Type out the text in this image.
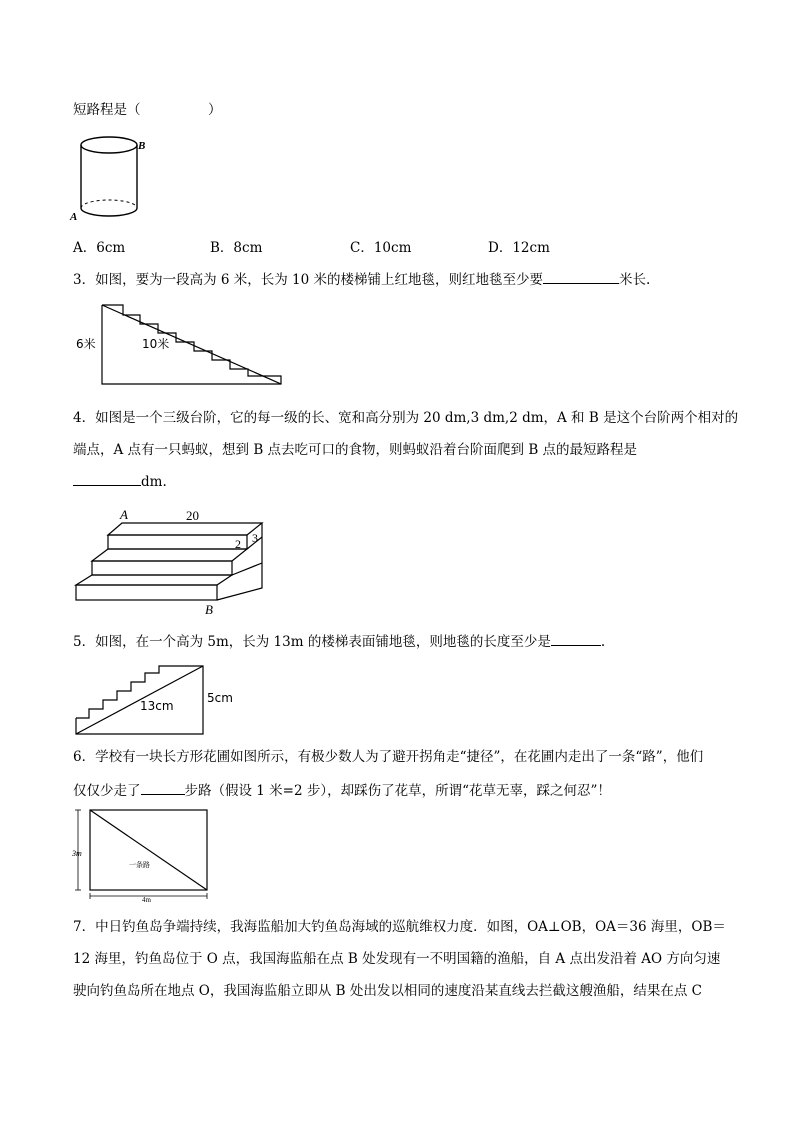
短路程是（　　　　　）
B
A
A．6cm	B．8cm	C．10cm	D．12cm
3．如图，要为一段高为 6 米，长为 10 米的楼梯铺上红地毯，则红地毯至少要	米长.
6米	10米
4．如图是一个三级台阶，它的每一级的长、宽和高分别为 20 dm,3 dm,2 dm，A 和 B 是这个台阶两个相对的
端点，A 点有一只蚂蚁，想到 B 点去吃可口的食物，则蚂蚁沿着台阶面爬到 B 点的最短路程是
dm.
A	20
2 3
B
5．如图，在一个高为 5m，长为 13m 的楼梯表面铺地毯，则地毯的长度至少是	.
13cm
5cm
6．学校有一块长方形花圃如图所示，有极少数人为了避开拐角走“捷径”，在花圃内走出了一条“路”，他们
仅仅少走了	步路（假设 1 米=2 步），却踩伤了花草，所谓“花草无辜，踩之何忍”！
3m
4m
一条路
7．中日钓鱼岛争端持续，我海监船加大钓鱼岛海域的巡航维权力度．如图，OA⊥OB，OA＝36 海里，OB＝
12 海里，钓鱼岛位于 O 点，我国海监船在点 B 处发现有一不明国籍的渔船，自 A 点出发沿着 AO 方向匀速
驶向钓鱼岛所在地点 O，我国海监船立即从 B 处出发以相同的速度沿某直线去拦截这艘渔船，结果在点 C
